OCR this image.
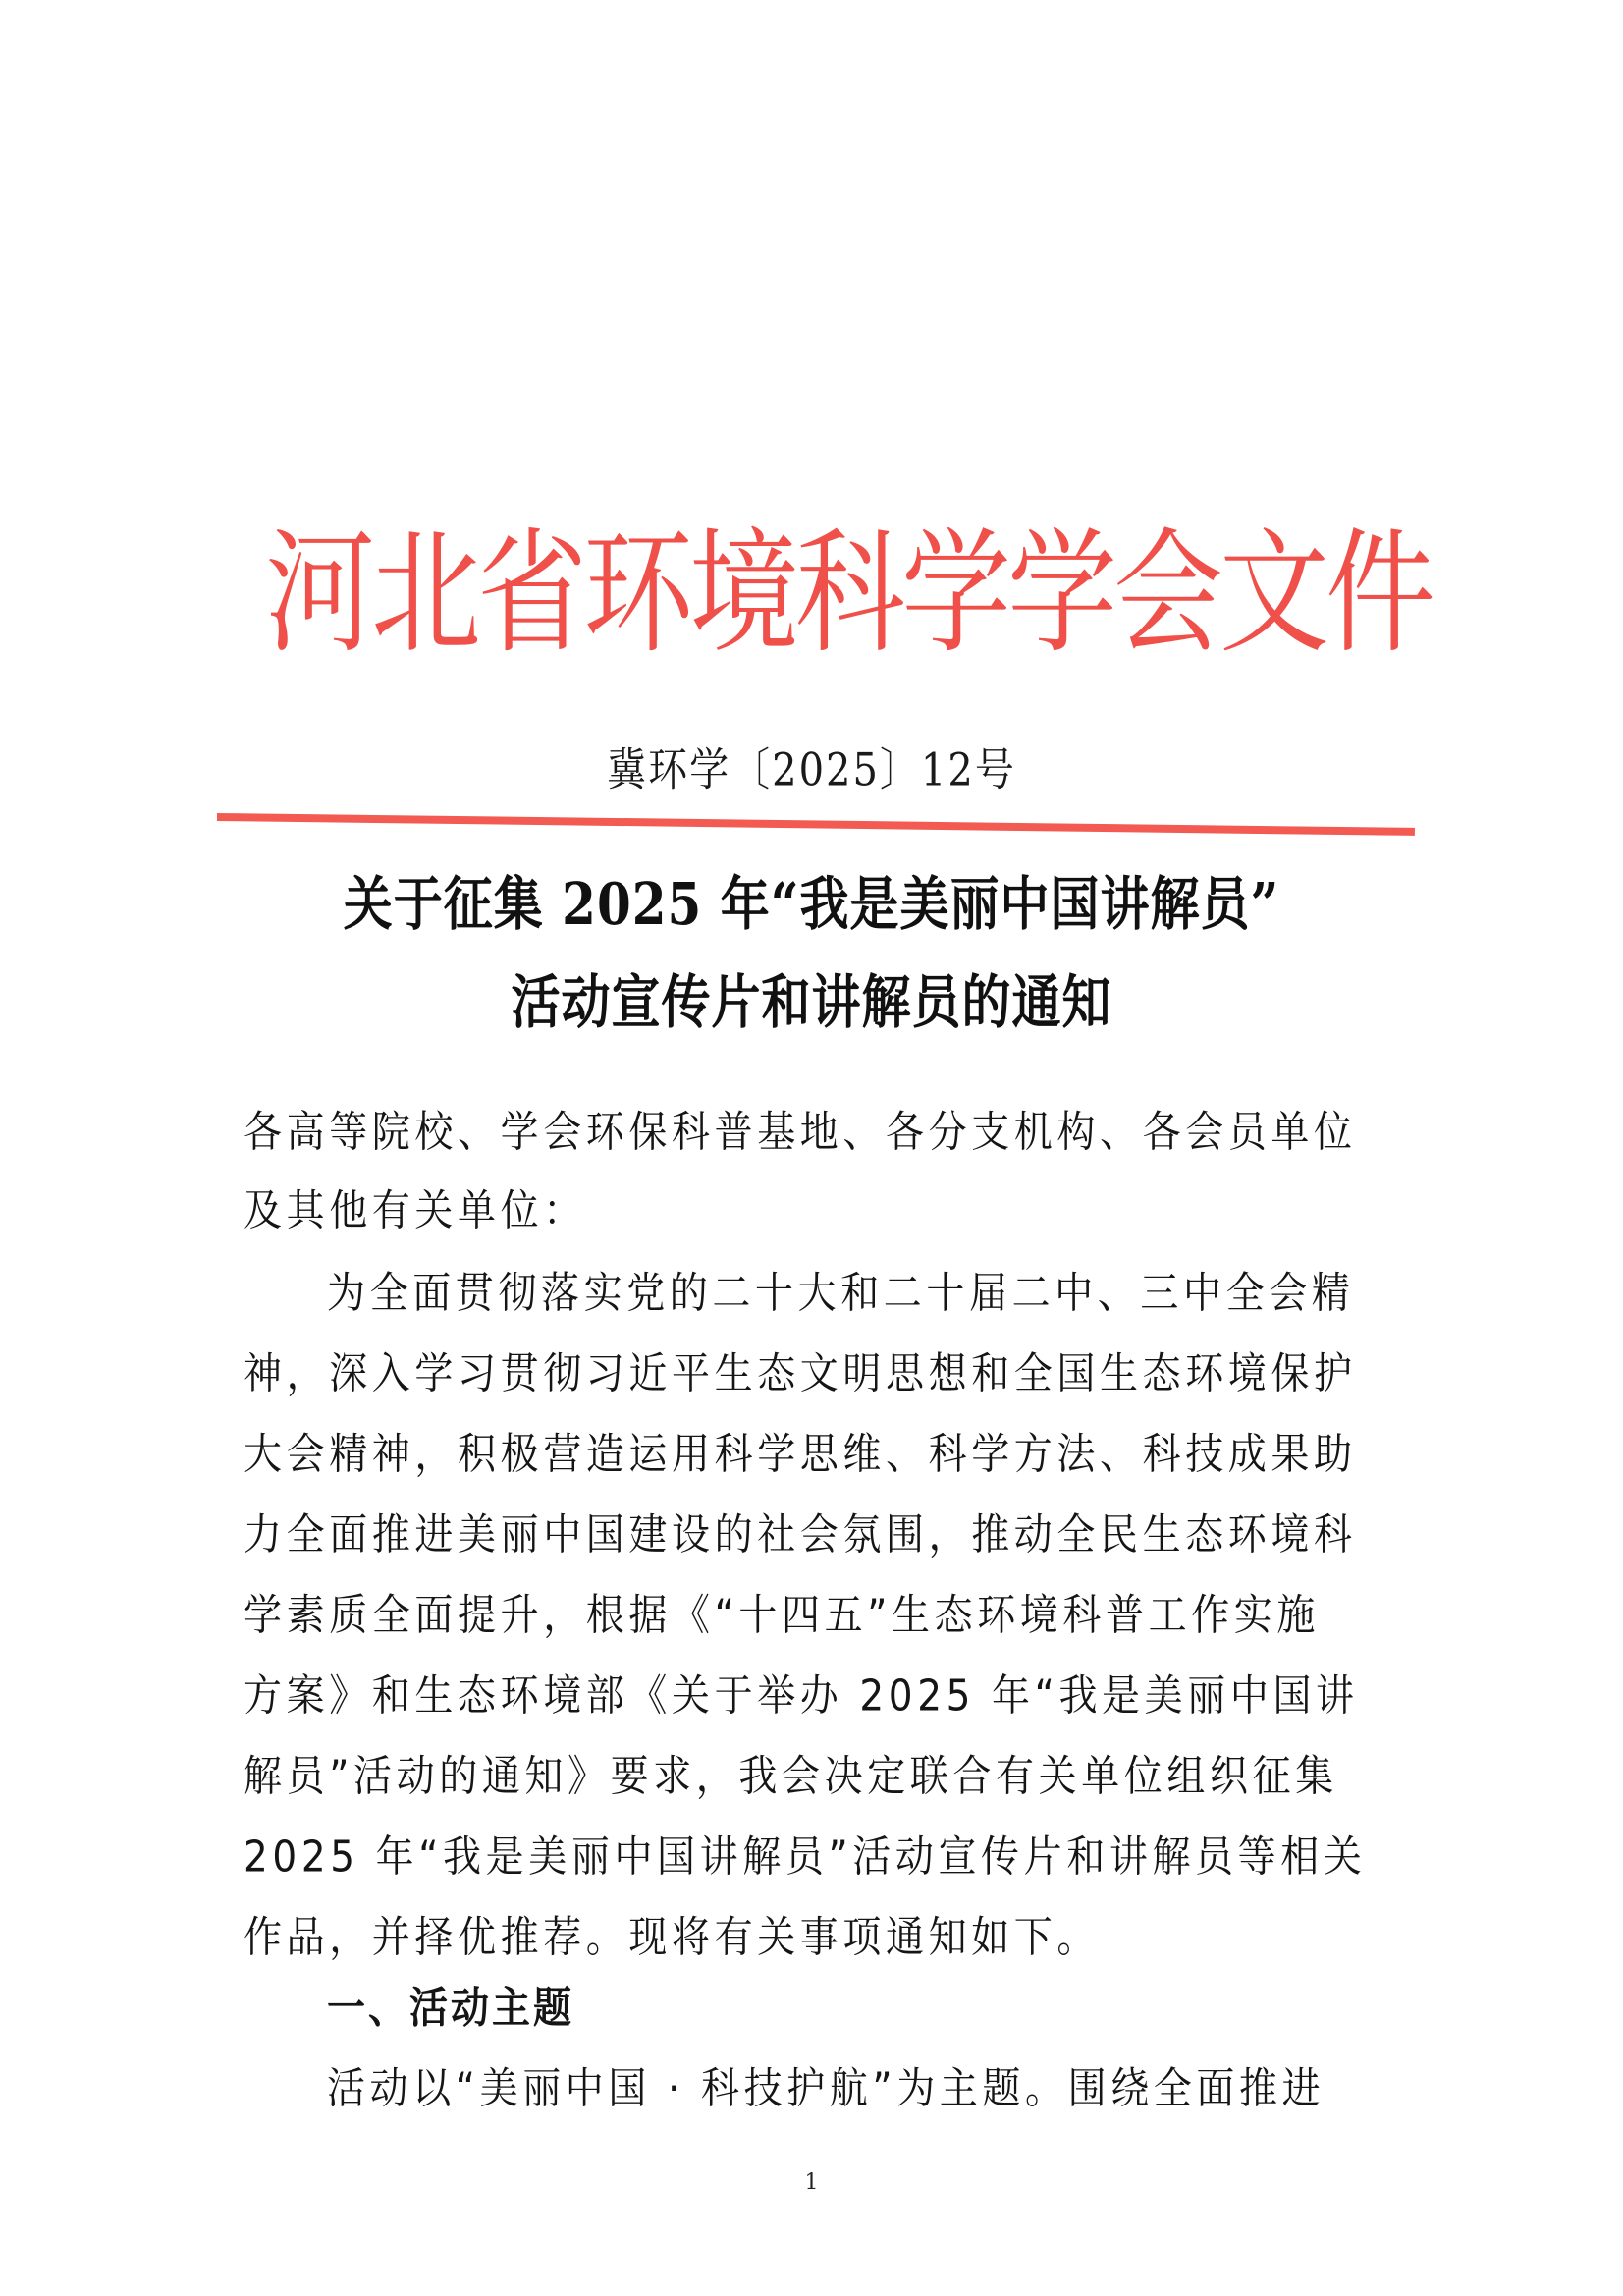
河 北 省 环 境 科 学 学 会 文 件
冀环学〔2025〕12号
关于征集 2025 年“我是美丽中国讲解员”
活动宣传片和讲解员的通知
各高等院校、学会环保科普基地、各分支机构、各会员单位
及其他有关单位：
为全面贯彻落实党的二十大和二十届二中、三中全会精
神，深入学习贯彻习近平生态文明思想和全国生态环境保护
大会精神，积极营造运用科学思维、科学方法、科技成果助
力全面推进美丽中国建设的社会氛围，推动全民生态环境科
学素质全面提升，根据《“十四五”生态环境科普工作实施
方案》和生态环境部《关于举办 2025 年“我是美丽中国讲
解员”活动的通知》要求，我会决定联合有关单位组织征集
2025 年“我是美丽中国讲解员”活动宣传片和讲解员等相关
作品，并择优推荐。现将有关事项通知如下。
一、活动主题
活动以“美丽中国 · 科技护航”为主题。围绕全面推进
1
